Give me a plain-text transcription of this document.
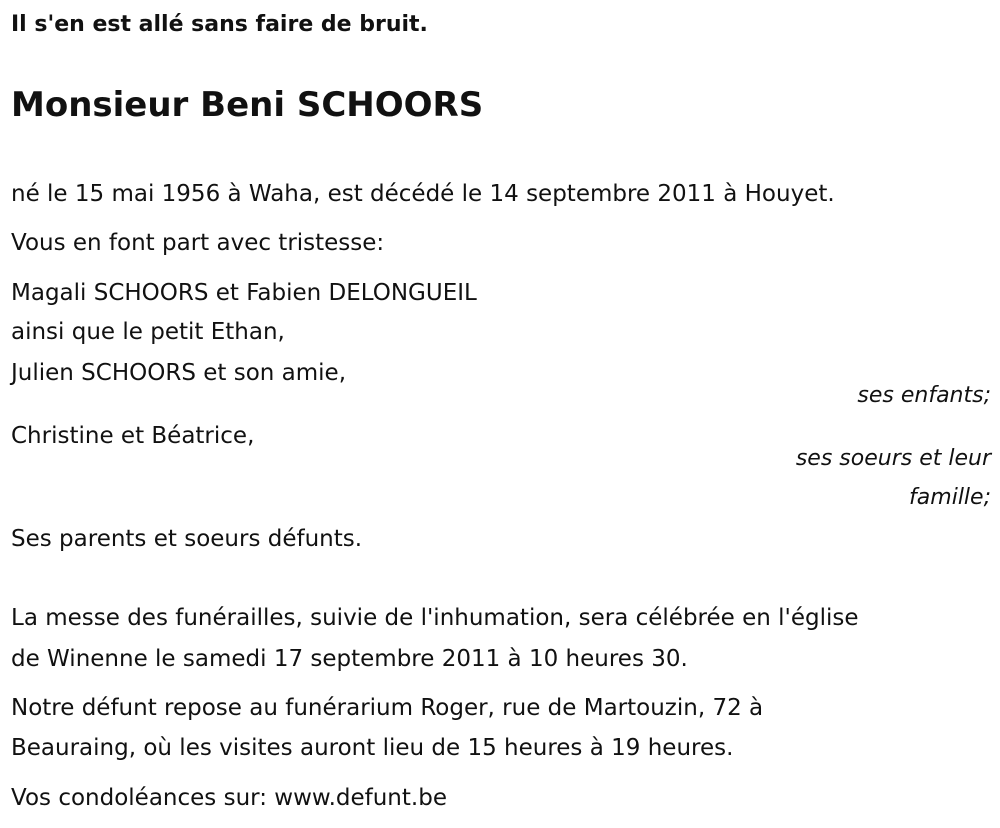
Il s'en est allé sans faire de bruit.
Monsieur Beni SCHOORS
né le 15 mai 1956 à Waha, est décédé le 14 septembre 2011 à Houyet.
Vous en font part avec tristesse:
Magali SCHOORS et Fabien DELONGUEIL
ainsi que le petit Ethan,
Julien SCHOORS et son amie,
ses enfants;
Christine et Béatrice,
ses soeurs et leur
famille;
Ses parents et soeurs défunts.
La messe des funérailles, suivie de l'inhumation, sera célébrée en l'église
de Winenne le samedi 17 septembre 2011 à 10 heures 30.
Notre défunt repose au funérarium Roger, rue de Martouzin, 72 à
Beauraing, où les visites auront lieu de 15 heures à 19 heures.
Vos condoléances sur: www.defunt.be
